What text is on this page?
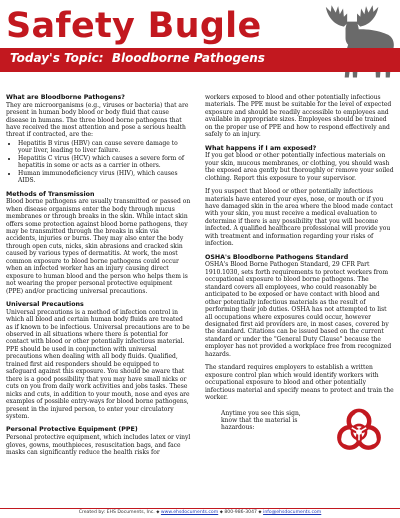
Safety Bugle
Today's Topic: Bloodborne Pathogens
What are Bloodborne Pathogens?

They are microorganisms (e.g., viruses or bacteria) that are present in human body blood or body fluid that cause disease in humans. The three blood borne pathogens that have received the most attention and pose a serious health threat if contracted, are the:

• Hepatitis B virus (HBV) can cause severe damage to your liver, leading to liver failure.
• Hepatitis C virus (HCV) which causes a severe form of hepatitis in some or acts as a carrier in others.
• Human immunodeficiency virus (HIV), which causes AIDS.
Methods of Transmission

Blood borne pathogens are usually transmitted or passed on when disease organisms enter the body through mucus membranes or through breaks in the skin. While intact skin offers some protection against blood borne pathogens, they may be transmitted through the breaks in skin via accidents, injuries or burns. They may also enter the body through open cuts, nicks, skin abrasions and cracked skin caused by various types of dermatitis. At work, the most common exposure to blood borne pathogens could occur when an infected worker has an injury causing direct exposure to human blood and the person who helps them is not wearing the proper personal protective equipment (PPE) and/or practicing universal precautions.

Universal Precautions

Universal precautions is a method of infection control in which all blood and certain human body fluids are treated as if known to be infectious. Universal precautions are to be observed in all situations where there is potential for contact with blood or other potentially infectious material. PPE should be used in conjunction with universal precautions when dealing with all body fluids. Qualified, trained first aid responders should be equipped to safeguard against this exposure. You should be aware that there is a good possibility that you may have small nicks or cuts on you from daily work activities and jobs tasks. These nicks and cuts, in addition to your mouth, nose and eyes are examples of possible entry-ways for blood borne pathogens, present in the injured person, to enter your circulatory system.

Personal Protective Equipment (PPE)

Personal protective equipment, which includes latex or vinyl gloves, gowns, mouthpieces, resuscitation bags, and face masks can significantly reduce the health risks for

workers exposed to blood and other potentially infectious materials. The PPE must be suitable for the level of expected exposure and should be readily accessible to employees and available in appropriate sizes. Employees should be trained on the proper use of PPE and how to respond effectively and safely to an injury.

What happens if I am exposed?

If you get blood or other potentially infectious materials on your skin, mucous membranes, or clothing, you should wash the exposed area gently but thoroughly or remove your soiled clothing. Report this exposure to your supervisor.

If you suspect that blood or other potentially infectious materials have entered your eyes, nose, or mouth or if you have damaged skin in the area where the blood made contact with your skin, you must receive a medical evaluation to determine if there is any possibility that you will become infected. A qualified healthcare professional will provide you with treatment and information regarding your risks of infection.

OSHA's Bloodborne Pathogens Standard

OSHA's Blood Borne Pathogen Standard, 29 CFR Part 1910.1030, sets forth requirements to protect workers from occupational exposure to blood borne pathogens. The standard covers all employees, who could reasonably be anticipated to be exposed or have contact with blood and other potentially infectious materials as the result of performing their job duties. OSHA has not attempted to list all occupations where exposures could occur, however designated first aid providers are, in most cases, covered by the standard. Citations can be issued based on the current standard or under the "General Duty Clause" because the employer has not provided a workplace free from recognized hazards.

The standard requires employers to establish a written exposure control plan which would identify workers with occupational exposure to blood and other potentially infectious material and specify means to protect and train the worker.

Anytime you see this sign, know that the material is hazardous:
Created by: EHS Documents, Inc. ⬥ www.ehsdocuments.com ⬥ 800-986-3047 ⬥ info@ehsdocuments.com
